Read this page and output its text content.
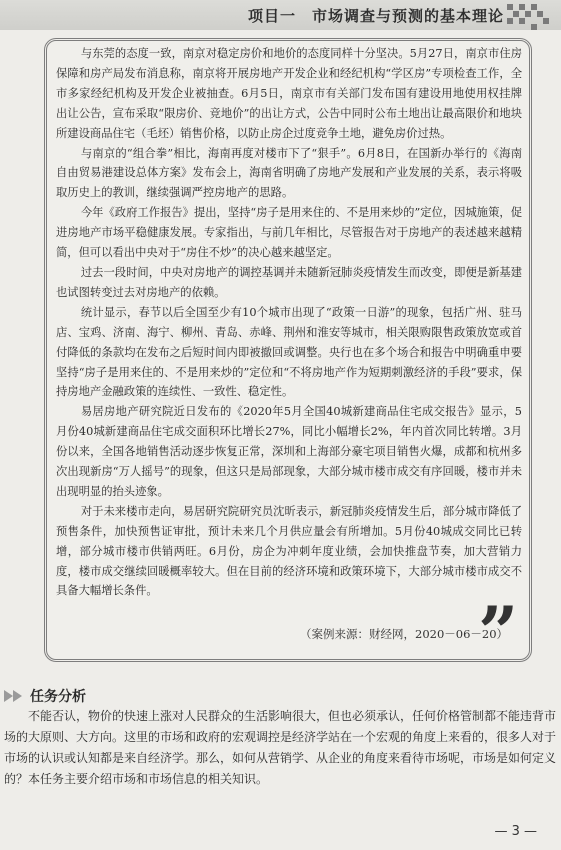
项目一　市场调查与预测的基本理论

与东莞的态度一致，南京对稳定房价和地价的态度同样十分坚决。5月27日，南京市住房保障和房产局发布消息称，南京将开展房地产开发企业和经纪机构“学区房”专项检查工作，全市多家经纪机构及开发企业被抽查。6月5日，南京市有关部门发布国有建设用地使用权挂牌出让公告，宣布采取“限房价、竞地价”的出让方式，公告中同时公布土地出让最高限价和地块所建设商品住宅（毛坯）销售价格，以防止房企过度竞争土地，避免房价过热。

与南京的“组合拳”相比，海南再度对楼市下了“狠手”。6月8日，在国新办举行的《海南自由贸易港建设总体方案》发布会上，海南省明确了房地产发展和产业发展的关系，表示将吸取历史上的教训，继续强调严控房地产的思路。

今年《政府工作报告》提出，坚持“房子是用来住的、不是用来炒的”定位，因城施策，促进房地产市场平稳健康发展。专家指出，与前几年相比，尽管报告对于房地产的表述越来越精简，但可以看出中央对于“房住不炒”的决心越来越坚定。

过去一段时间，中央对房地产的调控基调并未随新冠肺炎疫情发生而改变，即便是新基建也试图转变过去对房地产的依赖。

统计显示，春节以后全国至少有10个城市出现了“政策一日游”的现象，包括广州、驻马店、宝鸡、济南、海宁、柳州、青岛、赤峰、荆州和淮安等城市，相关限购限售政策放宽或首付降低的条款均在发布之后短时间内即被撤回或调整。央行也在多个场合和报告中明确重申要坚持“房子是用来住的、不是用来炒的”定位和“不将房地产作为短期刺激经济的手段”要求，保持房地产金融政策的连续性、一致性、稳定性。

易居房地产研究院近日发布的《2020年5月全国40城新建商品住宅成交报告》显示，5月份40城新建商品住宅成交面积环比增长27%，同比小幅增长2%，年内首次同比转增。3月份以来，全国各地销售活动逐步恢复正常，深圳和上海部分豪宅项目销售火爆，成都和杭州多次出现新房“万人摇号”的现象，但这只是局部现象，大部分城市楼市成交有序回暖，楼市并未出现明显的抬头迹象。

对于未来楼市走向，易居研究院研究员沈昕表示，新冠肺炎疫情发生后，部分城市降低了预售条件，加快预售证审批，预计未来几个月供应量会有所增加。5月份40城成交同比已转增，部分城市楼市供销两旺。6月份，房企为冲刺年度业绩，会加快推盘节奏，加大营销力度，楼市成交继续回暖概率较大。但在目前的经济环境和政策环境下，大部分城市楼市成交不具备大幅增长条件。

（案例来源：财经网，2020－06－20）
”
任务分析

　　不能否认，物价的快速上涨对人民群众的生活影响很大，但也必须承认，任何价格管制都不能违背市场的大原则、大方向。这里的市场和政府的宏观调控是经济学站在一个宏观的角度上来看的，很多人对于市场的认识或认知都是来自经济学。那么，如何从营销学、从企业的角度来看待市场呢，市场是如何定义的？本任务主要介绍市场和市场信息的相关知识。

— 3 —
